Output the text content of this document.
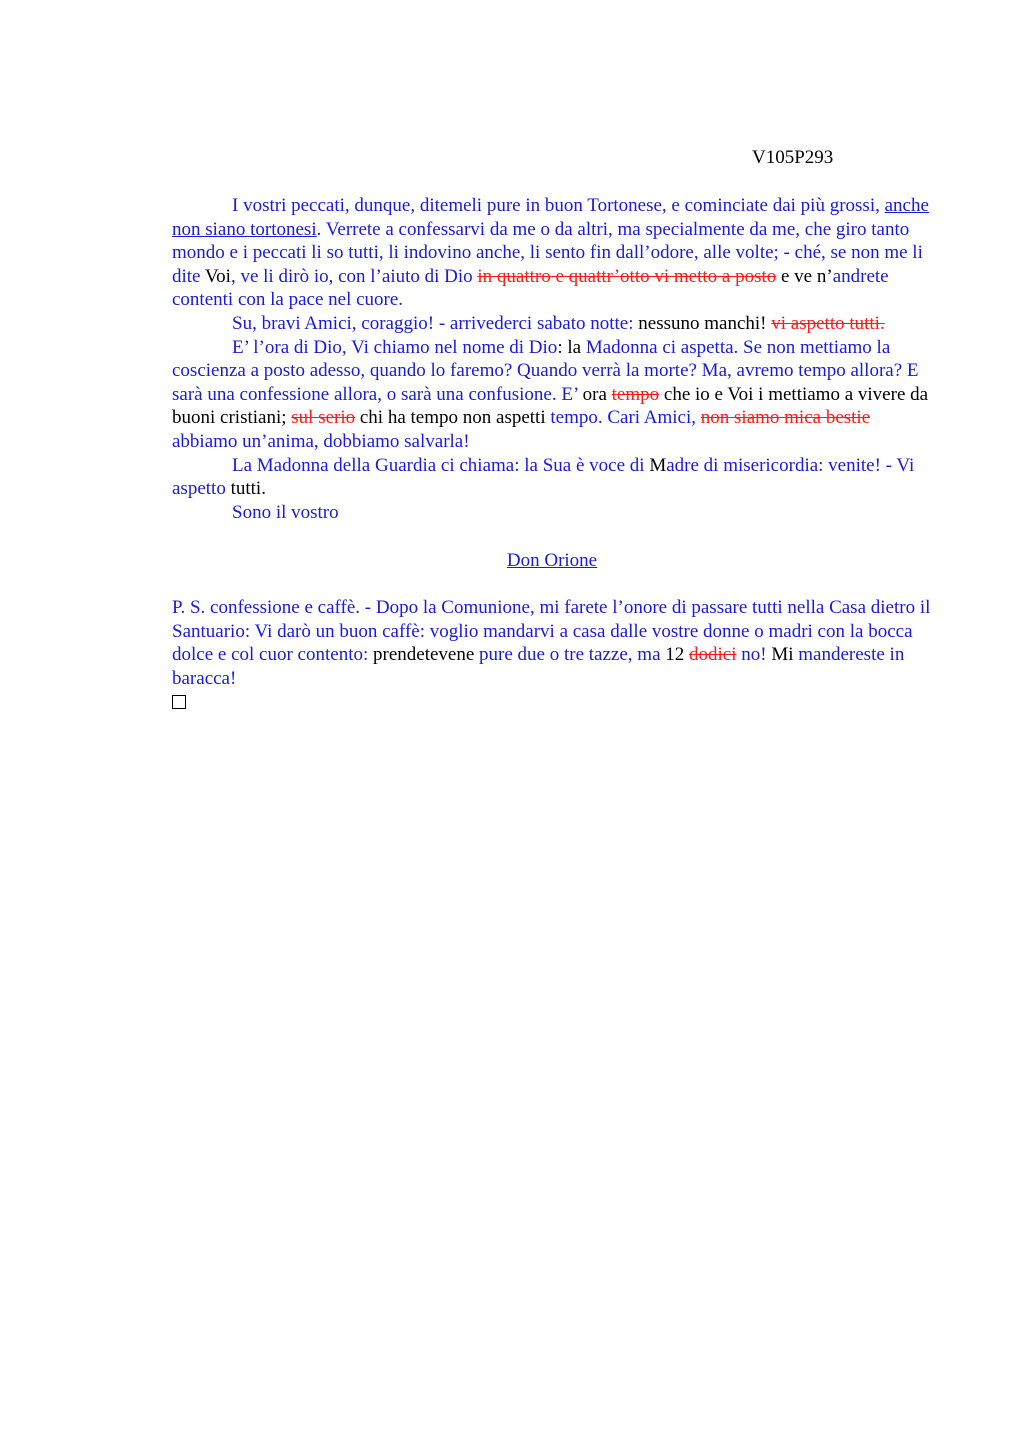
V105P293

I vostri peccati, dunque, ditemeli pure in buon Tortonese, e cominciate dai più grossi, anche non siano tortonesi. Verrete a confessarvi da me o da altri, ma specialmente da me, che giro tanto mondo e i peccati li so tutti, li indovino anche, li sento fin dall’odore, alle volte; - ché, se non me li dite Voi, ve li dirò io, con l’aiuto di Dio in quattro e quattr’otto vi metto a posto e ve n’andrete contenti con la pace nel cuore.

Su, bravi Amici, coraggio! - arrivederci sabato notte: nessuno manchi! vi aspetto tutti.

E’ l’ora di Dio, Vi chiamo nel nome di Dio: la Madonna ci aspetta. Se non mettiamo la coscienza a posto adesso, quando lo faremo? Quando verrà la morte? Ma, avremo tempo allora? E sarà una confessione allora, o sarà una confusione. E’ ora tempo che io e Voi i mettiamo a vivere da buoni cristiani; sul serio chi ha tempo non aspetti tempo. Cari Amici, non siamo mica bestie abbiamo un’anima, dobbiamo salvarla!

La Madonna della Guardia ci chiama: la Sua è voce di Madre di misericordia: venite! - Vi aspetto tutti.

Sono il vostro

Don Orione

P. S. confessione e caffè. - Dopo la Comunione, mi farete l’onore di passare tutti nella Casa dietro il Santuario: Vi darò un buon caffè: voglio mandarvi a casa dalle vostre donne o madri con la bocca dolce e col cuor contento: prendetevene pure due o tre tazze, ma 12 dodici no! Mi mandereste in baracca!
